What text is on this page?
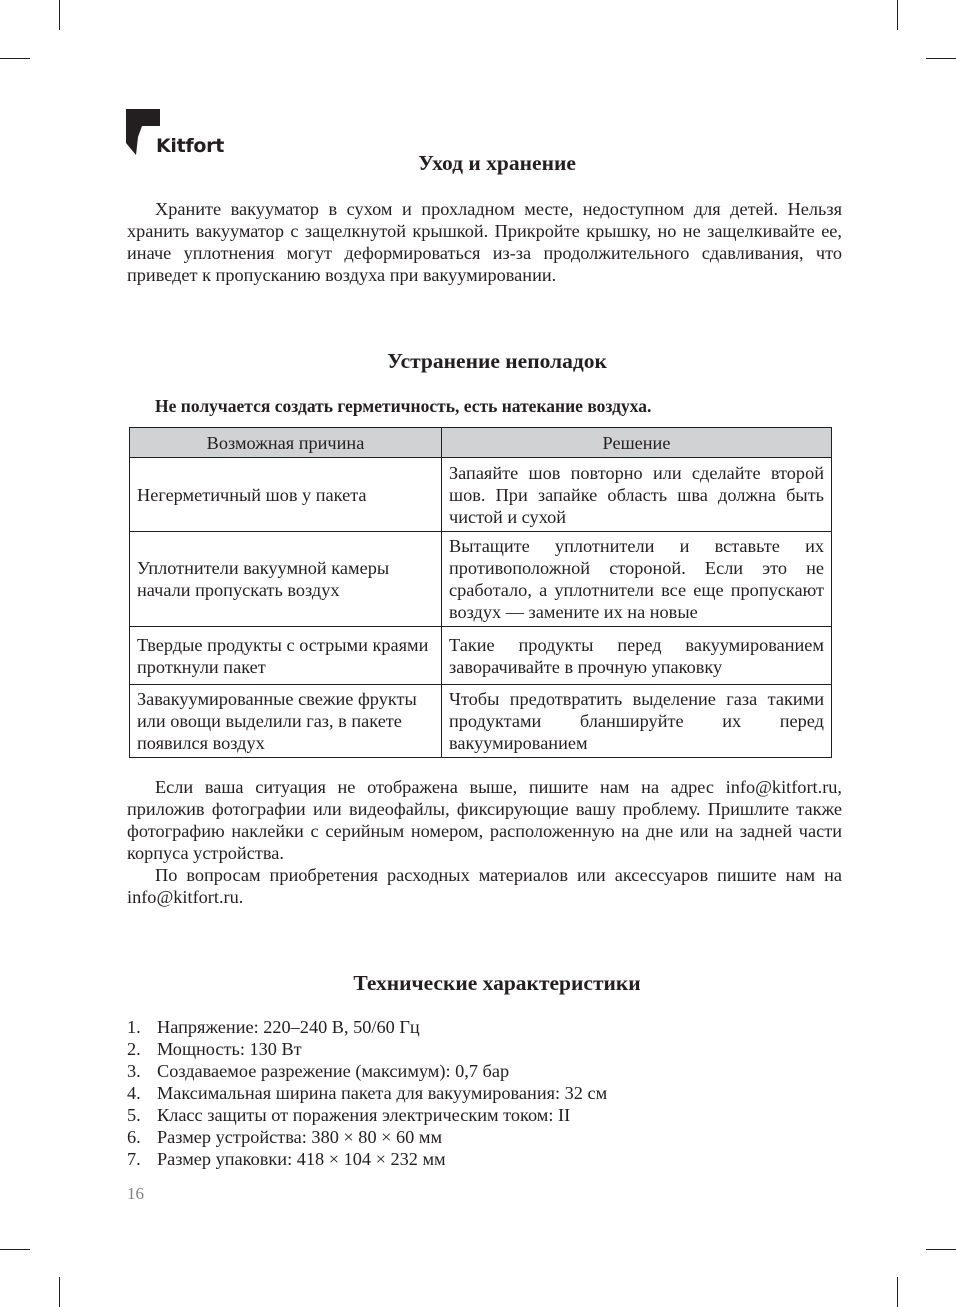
Kitfort
Уход и хранение

Храните вакууматор в сухом и прохладном месте, недоступном для детей. Нельзя хранить вакууматор с защелкнутой крышкой. Прикройте крышку, но не защелкивайте ее, иначе уплотнения могут деформироваться из-за продолжительного сдавливания, что приведет к пропусканию воздуха при вакуумировании.

Устранение неполадок
Не получается создать герметичность, есть натекание воздуха.
Возможная причина	Решение
Негерметичный шов у пакета	Запаяйте шов повторно или сделайте второй шов. При запайке область шва должна быть чистой и сухой
Уплотнители вакуумной камеры начали пропускать воздух	Вытащите уплотнители и вставьте их противоположной стороной. Если это не сработало, а уплотнители все еще пропускают воздух — замените их на новые
Твердые продукты с острыми краями проткнули пакет	Такие продукты перед вакуумированием заворачивайте в прочную упаковку
Завакуумированные свежие фрукты или овощи выделили газ, в пакете появился воздух	Чтобы предотвратить выделение газа такими продуктами бланшируйте их перед вакуумированием

Если ваша ситуация не отображена выше, пишите нам на адрес info@kitfort.ru, приложив фотографии или видеофайлы, фиксирующие вашу проблему. Пришлите также фотографию наклейки с серийным номером, расположенную на дне или на задней части корпуса устройства.

По вопросам приобретения расходных материалов или аксессуаров пишите нам на info@kitfort.ru.

Технические характеристики
1. Напряжение: 220–240 В, 50/60 Гц
2. Мощность: 130 Вт
3. Создаваемое разрежение (максимум): 0,7 бар
4. Максимальная ширина пакета для вакуумирования: 32 см
5. Класс защиты от поражения электрическим током: II
6. Размер устройства: 380 × 80 × 60 мм
7. Размер упаковки: 418 × 104 × 232 мм
16
